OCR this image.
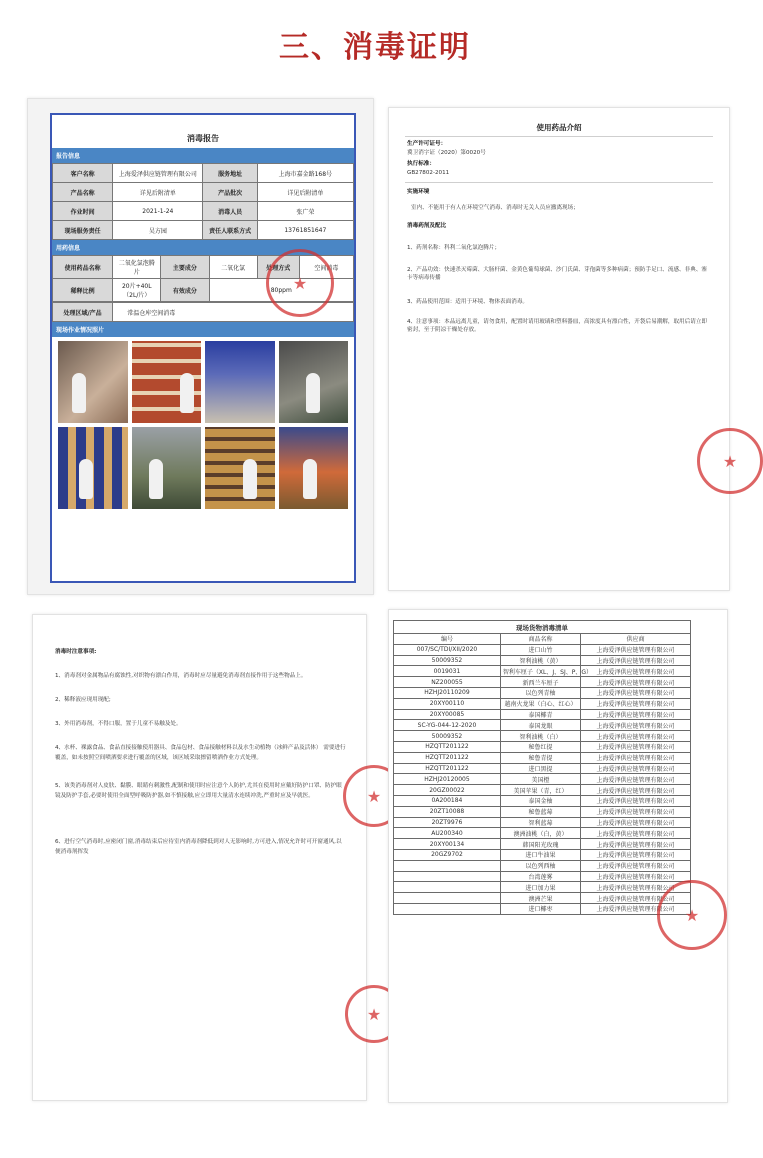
三、消毒证明
消毒报告
报告信息
客户名称	上海爱泽供应链管理有限公司	服务地址	上海市嘉金路168号
产品名称	详见后附清单	产品批次	详见后附清单
作业时间	2021-1-24	消毒人员	张广荣
现场服务责任	吴方园	责任人联系方式	13761851647
用药信息
使用药品名称	二氧化氯泡腾片	主要成分	二氧化氯	处理方式	空间消毒
稀释比例	20片+40L（2L/片）	有效成分	80ppm		
处理区域/产品	常温仓库空间消毒
现场作业情况照片
★
使用药品介绍
生产许可证号：
冀卫消字证（2020）第0020号
执行标准：
GB27802-2011
实施环境
室内、不能用于有人在环境空气消毒、消毒时无关人员应撤离现场；
消毒药剂及配比
1、药剂名称：科利二氧化氯泡腾片；
2、产品功效：快速杀灭霉菌、大肠杆菌、金黄色葡萄球菌、沙门氏菌、芽孢菌等多种病菌；预防手足口、流感、非典、寨卡等病毒传播
3、药品使用范围：适用于环境、物体表面消毒。
4、注意事项：本品远离儿童，请勿食用，配置时请用玻璃和塑料器皿，高浓度具有漂白性，开袋后易潮解，取用后请立即密封，至于阴凉干燥处存放。
★
消毒时注意事项:
1、消毒剂对金属物品有腐蚀性,对织物有漂白作用，消毒时应尽量避免消毒剂直接作用于这些物品上。
2、稀释液应现用现配;
3、外用消毒剂，不得口服，置于儿童不易触及处。
4、水杯、裸露食品、食品直接接触使用器具、食品包材、食品接触材料以及水生动植物（冰鲜产品及活体） 需要进行覆盖，如未按照空间喷洒要求进行覆盖的区域，该区域采取擦留喷洒作业方式处理。
5、该类消毒剂对人皮肤、黏膜、眼睛有刺激性,配制和使用时应注意个人防护,尤其在使用时应戴好防护口罩、防护眼镜及防护手套,必要时使用全面型呼吸防护器,如不慎接触,应立即用大量清水连续冲洗,严重时应及早就医。
6、进行空气消毒时,应密闭门窗,消毒结束后应待室内消毒剂降低到对人无影响时,方可进入,情况允许时可开窗通风,以便消毒剂挥发
★
★
现场货物消毒清单		
编号	商品名称	供应商
007/SC/TDI/XII/2020	进口山竹	上海爱泽供应链管理有限公司
50009352	智利油桃（黄）	上海爱泽供应链管理有限公司
0019031	智利车厘子（XL、J、SJ、P、G）	上海爱泽供应链管理有限公司
NZ200055	新西兰车厘子	上海爱泽供应链管理有限公司
HZHJ20110209	以色列青柚	上海爱泽供应链管理有限公司
20XY00110	越南火龙果（白心、红心）	上海爱泽供应链管理有限公司
20XY00085	泰国椰青	上海爱泽供应链管理有限公司
SC-YG-044-12-2020	泰国龙眼	上海爱泽供应链管理有限公司
50009352	智利油桃（白）	上海爱泽供应链管理有限公司
HZQTT201122	秘鲁红提	上海爱泽供应链管理有限公司
HZQTT201122	秘鲁青提	上海爱泽供应链管理有限公司
HZQTT201122	进口黑提	上海爱泽供应链管理有限公司
HZHJ20120005	美国橙	上海爱泽供应链管理有限公司
20GZ00022	美国苹果（青，红）	上海爱泽供应链管理有限公司
0A200184	泰国金柚	上海爱泽供应链管理有限公司
20ZT10088	秘鲁蓝莓	上海爱泽供应链管理有限公司
20ZT9976	智利蓝莓	上海爱泽供应链管理有限公司
AU200340	澳洲油桃（白，黄）	上海爱泽供应链管理有限公司
20XY00134	韩国阳光玫瑰	上海爱泽供应链管理有限公司
20GZ9702	进口牛油果	上海爱泽供应链管理有限公司
	以色列西柚	上海爱泽供应链管理有限公司
	台湾莲雾	上海爱泽供应链管理有限公司
	进口加力果	上海爱泽供应链管理有限公司
	澳洲芒果	上海爱泽供应链管理有限公司
	进口椰枣	上海爱泽供应链管理有限公司 ★
